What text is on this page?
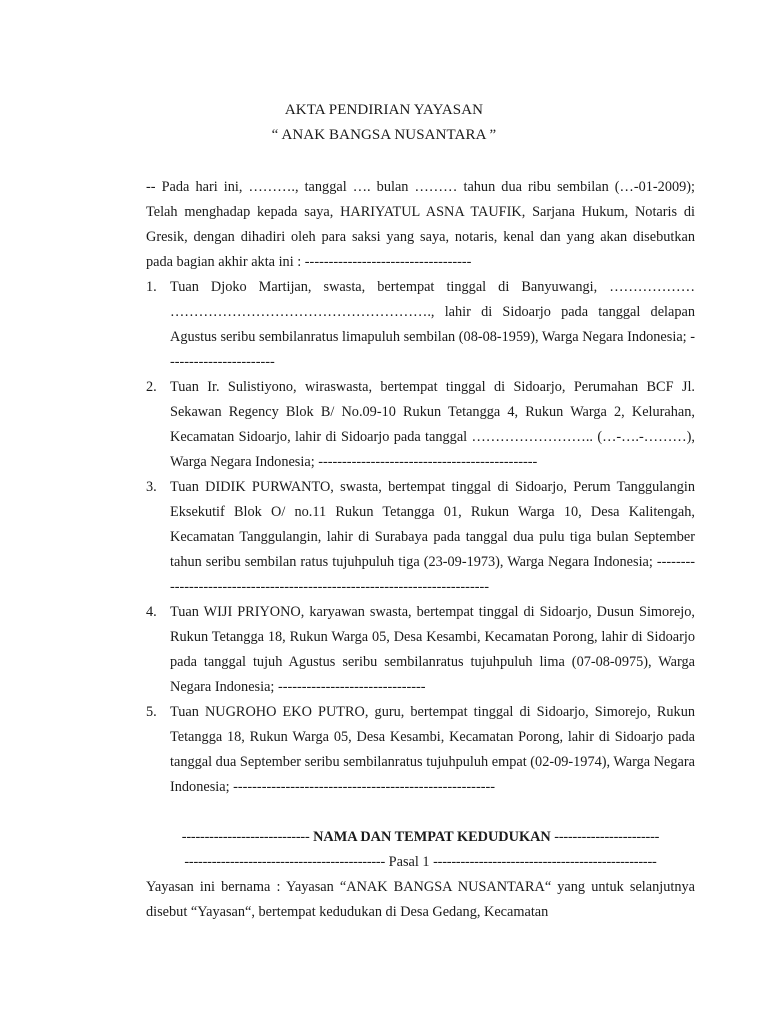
AKTA PENDIRIAN YAYASAN
“ ANAK BANGSA NUSANTARA ”

-- Pada hari ini, ………., tanggal …. bulan ……… tahun dua ribu sembilan (…-01-2009); Telah menghadap kepada saya, HARIYATUL ASNA TAUFIK, Sarjana Hukum, Notaris di Gresik, dengan dihadiri oleh para saksi yang saya, notaris, kenal dan yang akan disebutkan pada bagian akhir akta ini : -----------------------------------

1. Tuan Djoko Martijan, swasta, bertempat tinggal di Banyuwangi, ……………… ………………………………………………., lahir di Sidoarjo pada tanggal delapan Agustus seribu sembilanratus limapuluh sembilan (08-08-1959), Warga Negara Indonesia; -----------------------
2. Tuan Ir. Sulistiyono, wiraswasta, bertempat tinggal di Sidoarjo, Perumahan BCF Jl. Sekawan Regency Blok B/ No.09-10 Rukun Tetangga 4, Rukun Warga 2, Kelurahan, Kecamatan Sidoarjo, lahir di Sidoarjo pada tanggal …………………….. (…-….-………), Warga Negara Indonesia; ----------------------------------------------
3. Tuan DIDIK PURWANTO, swasta, bertempat tinggal di Sidoarjo, Perum Tanggulangin Eksekutif Blok O/ no.11 Rukun Tetangga 01, Rukun Warga 10, Desa Kalitengah, Kecamatan Tanggulangin, lahir di Surabaya pada tanggal dua pulu tiga bulan September tahun seribu sembilan ratus tujuhpuluh tiga (23-09-1973), Warga Negara Indonesia; ---------------------------------------------------------------------------
4. Tuan WIJI PRIYONO, karyawan swasta, bertempat tinggal di Sidoarjo, Dusun Simorejo, Rukun Tetangga 18, Rukun Warga 05, Desa Kesambi, Kecamatan Porong, lahir di Sidoarjo pada tanggal tujuh Agustus seribu sembilanratus tujuhpuluh lima (07-08-0975), Warga Negara Indonesia; -------------------------------
5. Tuan NUGROHO EKO PUTRO, guru, bertempat tinggal di Sidoarjo, Simorejo, Rukun Tetangga 18, Rukun Warga 05, Desa Kesambi, Kecamatan Porong, lahir di Sidoarjo pada tanggal dua September seribu sembilanratus tujuhpuluh empat (02-09-1974), Warga Negara Indonesia; -------------------------------------------------------
---------------------------- NAMA DAN TEMPAT KEDUDUKAN -----------------------
-------------------------------------------- Pasal 1 -------------------------------------------------

Yayasan ini bernama : Yayasan “ANAK BANGSA NUSANTARA“ yang untuk selanjutnya disebut “Yayasan“, bertempat kedudukan di Desa Gedang, Kecamatan
